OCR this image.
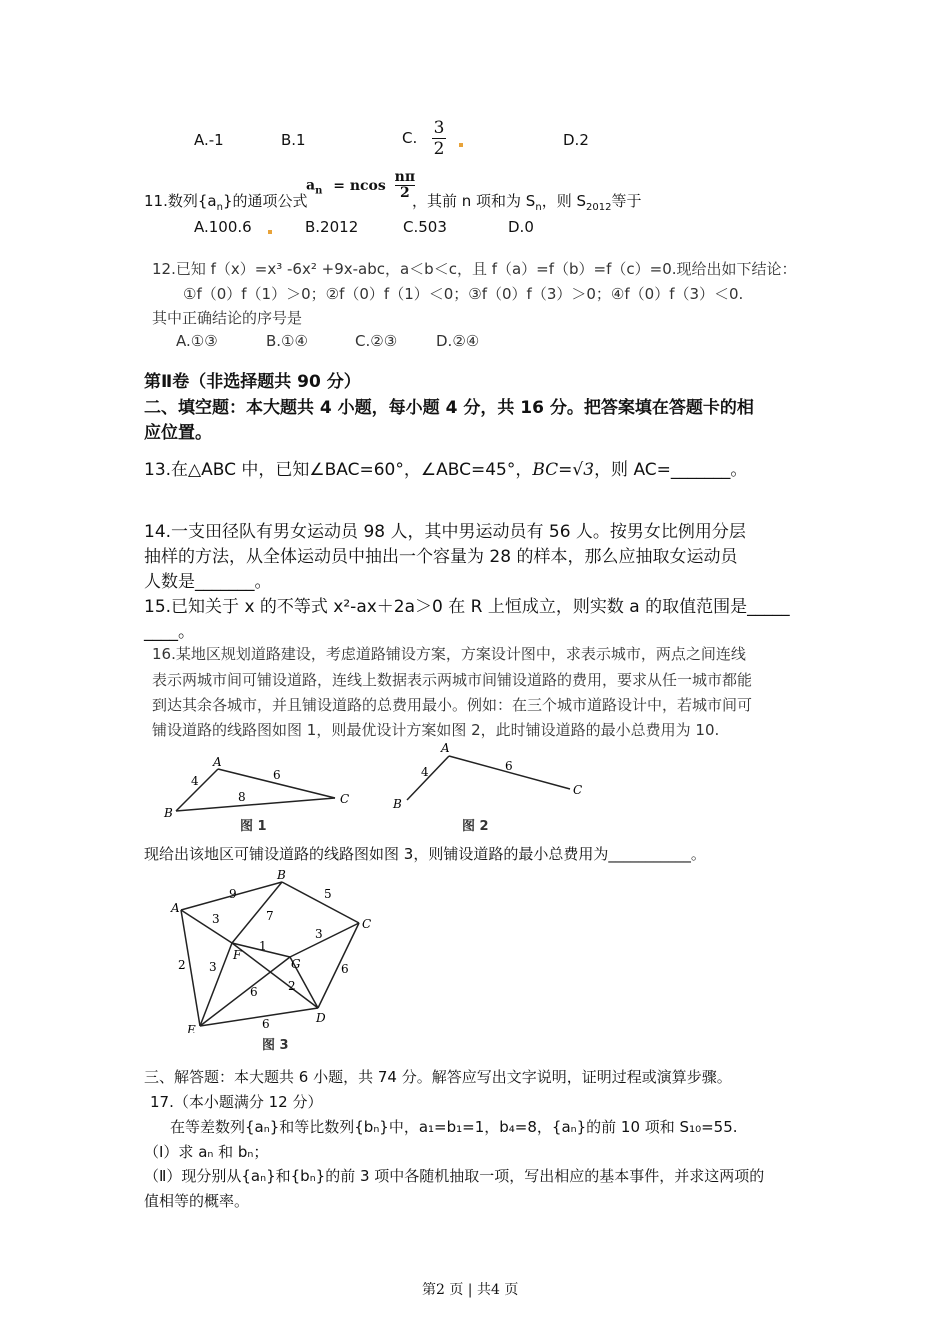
A.-1	B.1	C. $\frac{3}{2}$	D.2
11.数列$\{a_n\}$的通项公式
$a_n = ncos \frac{n\pi}{2}$
，其前 n 项和为 $S_n$，则 $S_{2012}$等于
A.100.6	B.2012	C.503	D.0
12.已知 f（x）=x³ -6x² +9x-abc，a＜b＜c，且 f（a）=f（b）=f（c）=0.现给出如下结论：
①f（0）f（1）＞0；②f（0）f（1）＜0；③f（0）f（3）＞0；④f（0）f（3）＜0.
其中正确结论的序号是
A.①③	B.①④	C.②③	D.②④
第Ⅱ卷（非选择题共 90 分）
二、填空题：本大题共 4 小题，每小题 4 分，共 16 分。把答案填在答题卡的相
应位置。
13.在△ABC 中，已知∠BAC=60°，∠ABC=45°，BC=√3，则 AC=_______。
14.一支田径队有男女运动员 98 人，其中男运动员有 56 人。按男女比例用分层
抽样的方法，从全体运动员中抽出一个容量为 28 的样本，那么应抽取女运动员
人数是_______。
15.已知关于 x 的不等式 x²-ax＋2a＞0 在 R 上恒成立，则实数 a 的取值范围是_____
____。
16.某地区规划道路建设，考虑道路铺设方案，方案设计图中，求表示城市，两点之间连线
表示两城市间可铺设道路，连线上数据表示两城市间铺设道路的费用，要求从任一城市都能
到达其余各城市，并且铺设道路的总费用最小。例如：在三个城市道路设计中，若城市间可
铺设道路的线路图如图 1，则最优设计方案如图 2，此时铺设道路的最小总费用为 10.
A
B
C
4	6
8
图 1
A
B
C
4	6
图 2
现给出该地区可铺设道路的线路图如图 3，则铺设道路的最小总费用为___________。
A
B
C
D
E
F
G
9	5
3	7
3
1
2
3
6
6	2
6
图 3
三、解答题：本大题共 6 小题，共 74 分。解答应写出文字说明，证明过程或演算步骤。
17.（本小题满分 12 分）
在等差数列{aₙ}和等比数列{bₙ}中，a₁=b₁=1，b₄=8，{aₙ}的前 10 项和 S₁₀=55.
（Ⅰ）求 aₙ 和 bₙ；
（Ⅱ）现分别从{aₙ}和{bₙ}的前 3 项中各随机抽取一项，写出相应的基本事件，并求这两项的
值相等的概率。
第2 页 | 共4 页
